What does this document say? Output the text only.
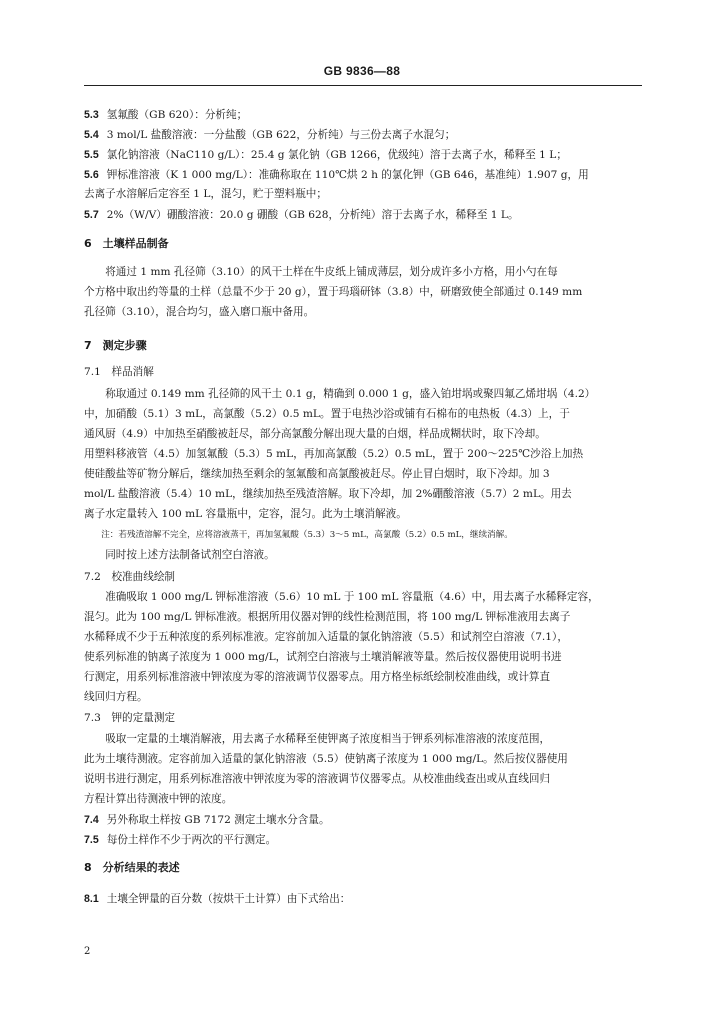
GB 9836—88

5.3 氢氟酸（GB 620）：分析纯；

5.4 3 mol/L 盐酸溶液：一分盐酸（GB 622，分析纯）与三份去离子水混匀；

5.5 氯化钠溶液（NaC110 g/L）：25.4 g 氯化钠（GB 1266，优级纯）溶于去离子水，稀释至 1 L；

5.6 钾标准溶液（K 1 000 mg/L）：准确称取在 110℃烘 2 h 的氯化钾（GB 646，基准纯）1.907 g，用

去离子水溶解后定容至 1 L，混匀，贮于塑料瓶中；

5.7 2%（W/V）硼酸溶液：20.0 g 硼酸（GB 628，分析纯）溶于去离子水，稀释至 1 L。

6　土壤样品制备

将通过 1 mm 孔径筛（3.10）的风干土样在牛皮纸上铺成薄层，划分成许多小方格，用小勺在每

个方格中取出约等量的土样（总量不少于 20 g），置于玛瑙研钵（3.8）中，研磨致使全部通过 0.149 mm

孔径筛（3.10），混合均匀，盛入磨口瓶中备用。

7　测定步骤

7.1　样品消解

称取通过 0.149 mm 孔径筛的风干土 0.1 g，精确到 0.000 1 g，盛入铂坩埚或聚四氟乙烯坩埚（4.2）

中，加硝酸（5.1）3 mL，高氯酸（5.2）0.5 mL。置于电热沙浴或铺有石棉布的电热板（4.3）上，于

通风厨（4.9）中加热至硝酸被赶尽，部分高氯酸分解出现大量的白烟，样品成糊状时，取下冷却。

用塑料移液管（4.5）加氢氟酸（5.3）5 mL，再加高氯酸（5.2）0.5 mL，置于 200～225℃沙浴上加热

使硅酸盐等矿物分解后，继续加热至剩余的氢氟酸和高氯酸被赶尽。停止冒白烟时，取下冷却。加 3

mol/L 盐酸溶液（5.4）10 mL，继续加热至残渣溶解。取下冷却，加 2%硼酸溶液（5.7）2 mL。用去

离子水定量转入 100 mL 容量瓶中，定容，混匀。此为土壤消解液。

注：若残渣溶解不完全，应将溶液蒸干，再加氢氟酸（5.3）3～5 mL，高氯酸（5.2）0.5 mL，继续消解。

同时按上述方法制备试剂空白溶液。

7.2　校准曲线绘制

准确吸取 1 000 mg/L 钾标准溶液（5.6）10 mL 于 100 mL 容量瓶（4.6）中，用去离子水稀释定容，

混匀。此为 100 mg/L 钾标准液。根据所用仪器对钾的线性检测范围，将 100 mg/L 钾标准液用去离子

水稀释成不少于五种浓度的系列标准液。定容前加入适量的氯化钠溶液（5.5）和试剂空白溶液（7.1），

使系列标准的钠离子浓度为 1 000 mg/L，试剂空白溶液与土壤消解液等量。然后按仪器使用说明书进

行测定，用系列标准溶液中钾浓度为零的溶液调节仪器零点。用方格坐标纸绘制校准曲线，或计算直

线回归方程。

7.3　钾的定量测定

吸取一定量的土壤消解液，用去离子水稀释至使钾离子浓度相当于钾系列标准溶液的浓度范围，

此为土壤待测液。定容前加入适量的氯化钠溶液（5.5）使钠离子浓度为 1 000 mg/L。然后按仪器使用

说明书进行测定，用系列标准溶液中钾浓度为零的溶液调节仪器零点。从校准曲线查出或从直线回归

方程计算出待测液中钾的浓度。

7.4 另外称取土样按 GB 7172 测定土壤水分含量。

7.5 每份土样作不少于两次的平行测定。

8　分析结果的表述

8.1 土壤全钾量的百分数（按烘干土计算）由下式给出：

2
